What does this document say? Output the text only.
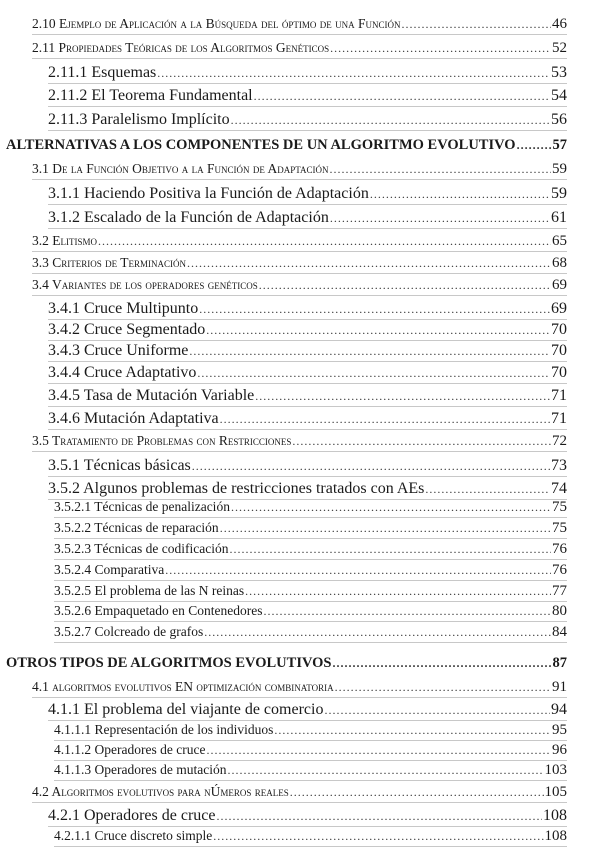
2.10 Ejemplo de Aplicación a la Búsqueda del óptimo de una Función .....	46
2.11 Propiedades Teóricas de los Algoritmos Genéticos .....	52
2.11.1 Esquemas .....	53
2.11.2 El Teorema Fundamental .....	54
2.11.3 Paralelismo Implícito .....	56
ALTERNATIVAS A LOS COMPONENTES DE UN ALGORITMO EVOLUTIVO .....	57
3.1 De la Función Objetivo a la Función de Adaptación .....	59
3.1.1 Haciendo Positiva la Función de Adaptación .....	59
3.1.2 Escalado de la Función de Adaptación .....	61
3.2 Elitismo .....	65
3.3 Criterios de Terminación .....	68
3.4 Variantes de los operadores genéticos .....	69
3.4.1 Cruce Multipunto .....	69
3.4.2 Cruce Segmentado .....	70
3.4.3 Cruce Uniforme .....	70
3.4.4 Cruce Adaptativo .....	70
3.4.5 Tasa de Mutación Variable .....	71
3.4.6 Mutación Adaptativa .....	71
3.5 Tratamiento de Problemas con Restricciones .....	72
3.5.1 Técnicas básicas .....	73
3.5.2 Algunos problemas de restricciones tratados con AEs .....	74
3.5.2.1 Técnicas de penalización .....	75
3.5.2.2 Técnicas de reparación .....	75
3.5.2.3 Técnicas de codificación .....	76
3.5.2.4 Comparativa .....	76
3.5.2.5 El problema de las N reinas .....	77
3.5.2.6 Empaquetado en Contenedores .....	80
3.5.2.7 Colcreado de grafos .....	84
OTROS TIPOS DE ALGORITMOS EVOLUTIVOS .....	87
4.1 algoritmos evolutivos EN optimización combinatoria .....	91
4.1.1 El problema del viajante de comercio .....	94
4.1.1.1 Representación de los individuos .....	95
4.1.1.2 Operadores de cruce .....	96
4.1.1.3 Operadores de mutación .....	103
4.2 Algoritmos evolutivos para nÚmeros reales .....	105
4.2.1 Operadores de cruce .....	108
4.2.1.1 Cruce discreto simple .....	108
